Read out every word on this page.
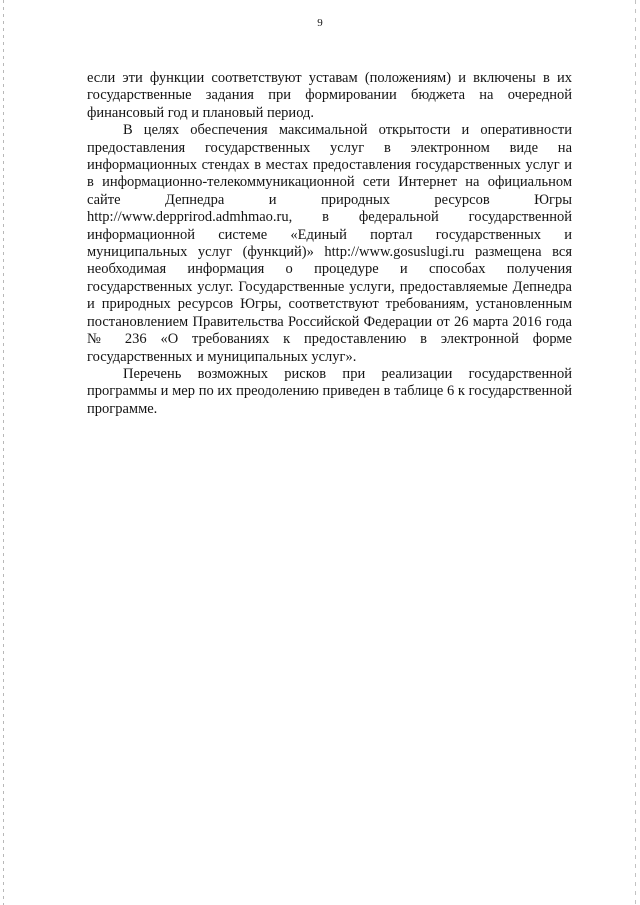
9

если эти функции соответствуют уставам (положениям) и включены в их государственные задания при формировании бюджета на очередной финансовый год и плановый период.

В целях обеспечения максимальной открытости и оперативности предоставления государственных услуг в электронном виде на информационных стендах в местах предоставления государственных услуг и в информационно-телекоммуникационной сети Интернет на официальном сайте Депнедра и природных ресурсов Югры http://www.depprirod.admhmao.ru, в федеральной государственной информационной системе «Единый портал государственных и муниципальных услуг (функций)» http://www.gosuslugi.ru размещена вся необходимая информация о процедуре и способах получения государственных услуг. Государственные услуги, предоставляемые Депнедра и природных ресурсов Югры, соответствуют требованиям, установленным постановлением Правительства Российской Федерации от 26 марта 2016 года № 236 «О требованиях к предоставлению в электронной форме государственных и муниципальных услуг».

Перечень возможных рисков при реализации государственной программы и мер по их преодолению приведен в таблице 6 к государственной программе.
